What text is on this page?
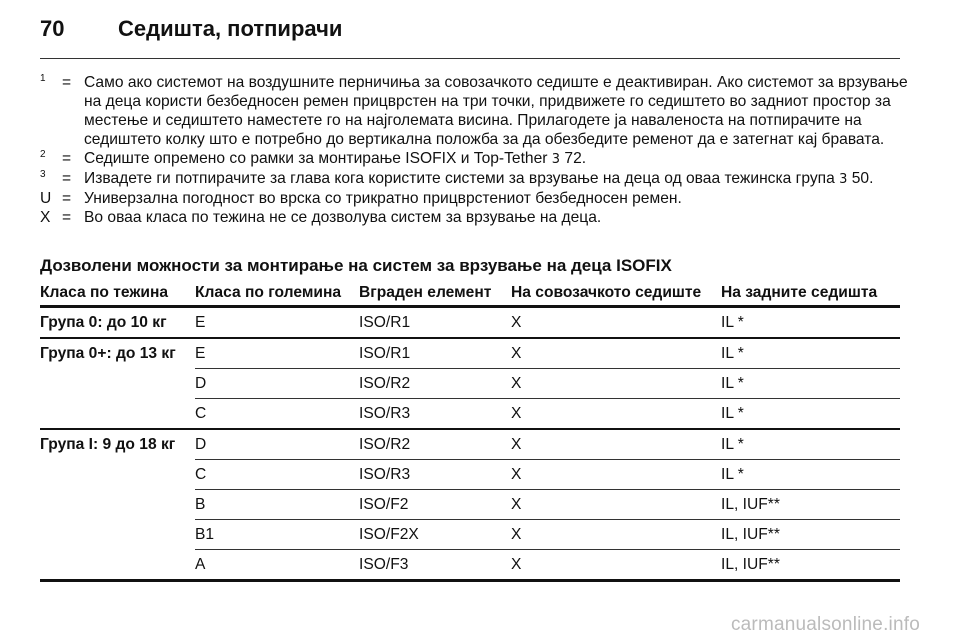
70 Седишта, потпирачи
1	= Само ако системот на воздушните перничиња за совозачкото седиште е деактивиран. Ако системот за врзување на деца користи безбедносен ремен прицврстен на три точки, придвижете го седиштето во задниот простор за местење и седиштето наместете го на најголемата висина. Прилагодете ја наваленоста на потпирачите на седиштето колку што е потребно до вертикална положба за да обезбедите ременот да е затегнат кај бравата.
2	= Седиште опремено со рамки за монтирање ISOFIX и Top-Tether 3 72.
3	= Извадете ги потпирачите за глава кога користите системи за врзување на деца од оваа тежинска група 3 50.
U = Универзална погодност во врска со трикратно прицврстениот безбедносен ремен.
X = Во оваа класа по тежина не се дозволува систем за врзување на деца.
Дозволени можности за монтирање на систем за врзување на деца ISOFIX
Класа по тежина	Класа по големина	Вграден елемент	На совозачкото седиште	На задните седишта
Група 0: до 10 кг	E	ISO/R1	X	IL *
Група 0+: до 13 кг	E	ISO/R1	X	IL *
	D	ISO/R2	X	IL *
	C	ISO/R3	X	IL *
Група I: 9 до 18 кг	D	ISO/R2	X	IL *
	C	ISO/R3	X	IL *
	B	ISO/F2	X	IL, IUF**
	B1	ISO/F2X	X	IL, IUF**
	A	ISO/F3	X	IL, IUF**
carmanualsonline.info
